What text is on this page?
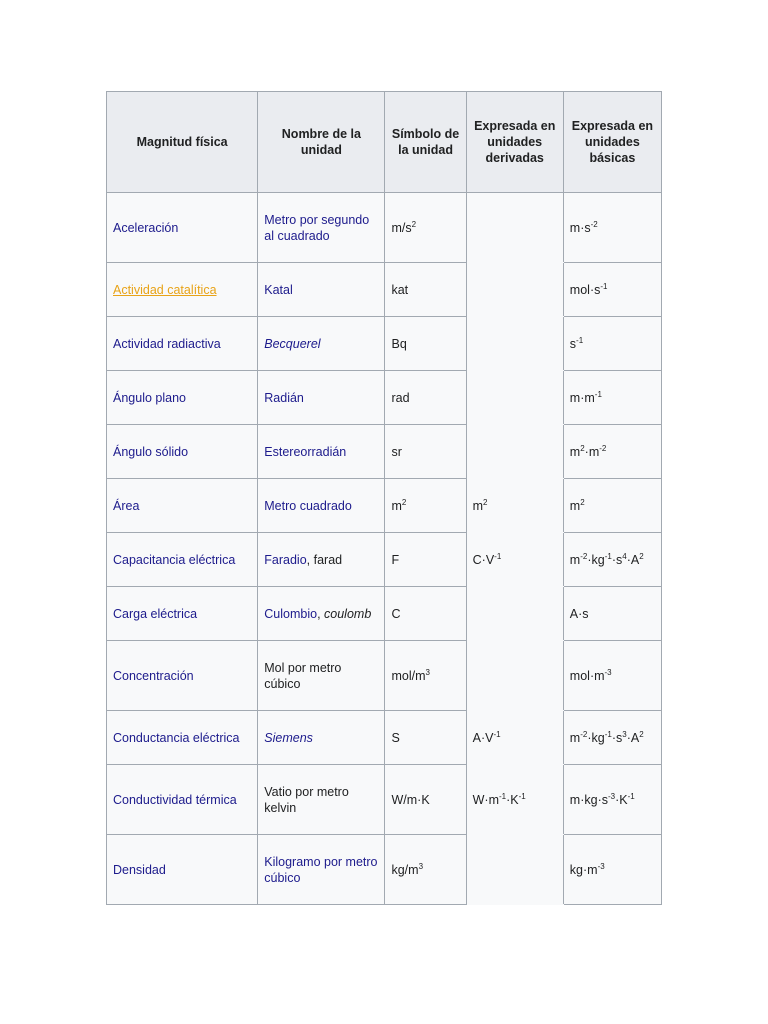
Magnitud física	Nombre de la unidad	Símbolo de la unidad	Expresada en unidades derivadas	Expresada en unidades básicas
Aceleración	Metro por segundo al cuadrado	$m/s^2$		$m\cdot s^{-2}$
Actividad catalítica	Katal	kat		$mol\cdot s^{-1}$
Actividad radiactiva	Becquerel	Bq		$s^{-1}$
Ángulo plano	Radián	rad		$m\cdot m^{-1}$
Ángulo sólido	Estereorradián	sr		$m^2\cdot m^{-2}$
Área	Metro cuadrado	$m^2$	$m^2$	$m^2$
Capacitancia eléctrica	Faradio, farad	F	$C\cdot V^{-1}$	$m^{-2}\cdot kg^{-1}\cdot s^4\cdot A^2$
Carga eléctrica	Culombio, coulomb	C		A·s
Concentración	Mol por metro cúbico	mol/$m^3$		$mol\cdot m^{-3}$
Conductancia eléctrica	Siemens	S	$A\cdot V^{-1}$	$m^{-2}\cdot kg^{-1}\cdot s^3\cdot A^2$
Conductividad térmica	Vatio por metro kelvin	W/m·K	$W\cdot m^{-1}\cdot K^{-1}$	$m\cdot kg\cdot s^{-3}\cdot K^{-1}$
Densidad	Kilogramo por metro cúbico	$kg/m^3$		$kg\cdot m^{-3}$
